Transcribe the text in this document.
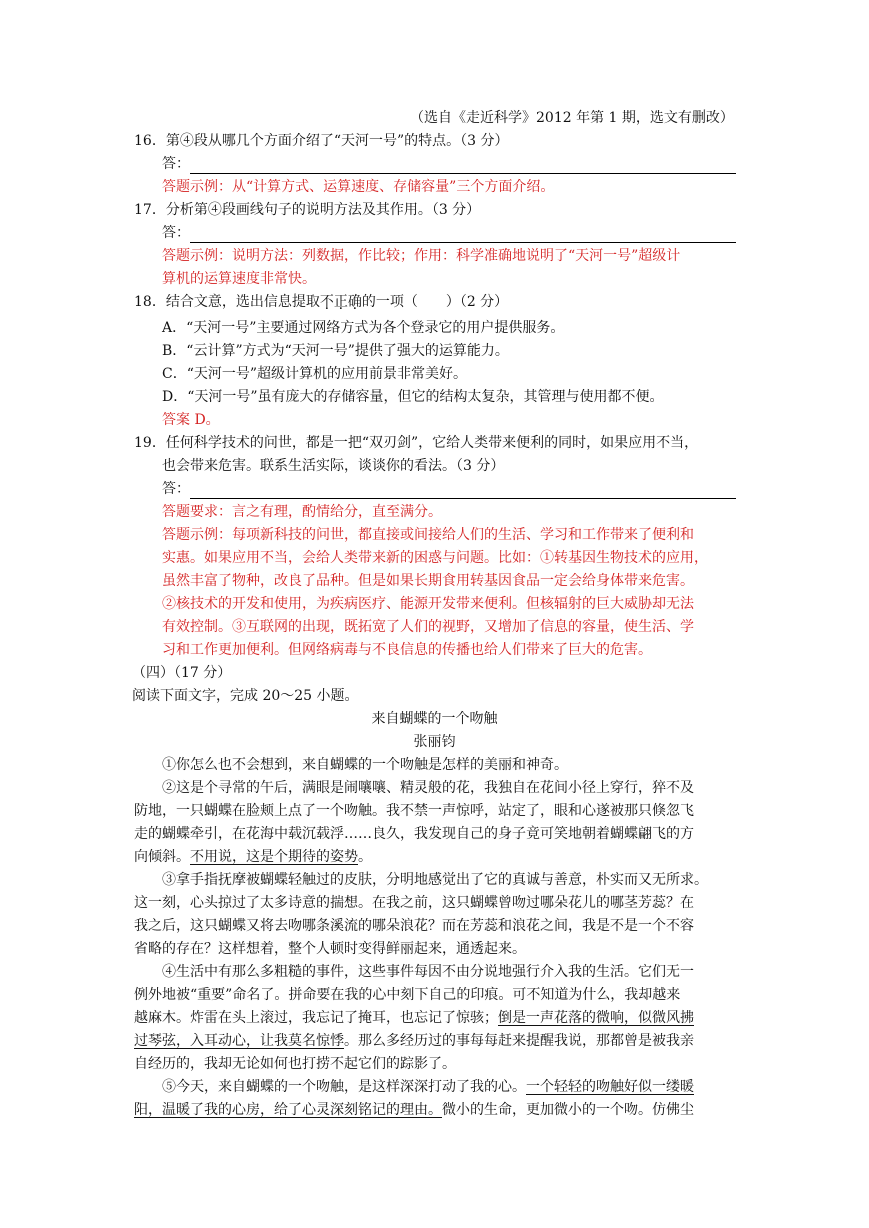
（选自《走近科学》2012 年第 1 期，选文有删改）
16．第④段从哪几个方面介绍了“天河一号”的特点。（3 分）
答：
答题示例：从“计算方式、运算速度、存储容量”三个方面介绍。
17．分析第④段画线句子的说明方法及其作用。（3 分）
答：
答题示例：说明方法：列数据，作比较；作用：科学准确地说明了“天河一号”超级计
算机的运算速度非常快。
18．结合文意，选出信息提取不正确的一项（　　）（2 分）
A．“天河一号”主要通过网络方式为各个登录它的用户提供服务。
B．“云计算”方式为“天河一号”提供了强大的运算能力。
C．“天河一号”超级计算机的应用前景非常美好。
D．“天河一号”虽有庞大的存储容量，但它的结构太复杂，其管理与使用都不便。
答案 D。
19．任何科学技术的问世，都是一把“双刃剑”，它给人类带来便利的同时，如果应用不当，
也会带来危害。联系生活实际，谈谈你的看法。（3 分）
答：
答题要求：言之有理，酌情给分，直至满分。
答题示例：每项新科技的问世，都直接或间接给人们的生活、学习和工作带来了便利和
实惠。如果应用不当，会给人类带来新的困惑与问题。比如：①转基因生物技术的应用，
虽然丰富了物种，改良了品种。但是如果长期食用转基因食品一定会给身体带来危害。
②核技术的开发和使用，为疾病医疗、能源开发带来便利。但核辐射的巨大威胁却无法
有效控制。③互联网的出现，既拓宽了人们的视野，又增加了信息的容量，使生活、学
习和工作更加便利。但网络病毒与不良信息的传播也给人们带来了巨大的危害。
（四）（17 分）
阅读下面文字，完成 20～25 小题。
来自蝴蝶的一个吻触
张丽钧
①你怎么也不会想到，来自蝴蝶的一个吻触是怎样的美丽和神奇。
②这是个寻常的午后，满眼是闹嚷嚷、精灵般的花，我独自在花间小径上穿行，猝不及
防地，一只蝴蝶在脸颊上点了一个吻触。我不禁一声惊呼，站定了，眼和心遂被那只倏忽飞
走的蝴蝶牵引，在花海中载沉载浮……良久，我发现自己的身子竟可笑地朝着蝴蝶翩飞的方
向倾斜。不用说，这是个期待的姿势。
③拿手指抚摩被蝴蝶轻触过的皮肤，分明地感觉出了它的真诚与善意，朴实而又无所求。
这一刻，心头掠过了太多诗意的揣想。在我之前，这只蝴蝶曾吻过哪朵花儿的哪茎芳蕊？在
我之后，这只蝴蝶又将去吻哪条溪流的哪朵浪花？而在芳蕊和浪花之间，我是不是一个不容
省略的存在？这样想着，整个人顿时变得鲜丽起来，通透起来。
④生活中有那么多粗糙的事件，这些事件每因不由分说地强行介入我的生活。它们无一
例外地被“重要”命名了。拼命要在我的心中刻下自己的印痕。可不知道为什么，我却越来
越麻木。炸雷在头上滚过，我忘记了掩耳，也忘记了惊骇；倒是一声花落的微响，似微风拂
过琴弦，入耳动心，让我莫名惊悸。那么多经历过的事每每赶来提醒我说，那都曾是被我亲
自经历的，我却无论如何也打捞不起它们的踪影了。
⑤今天，来自蝴蝶的一个吻触，是这样深深打动了我的心。一个轻轻的吻触好似一缕暖
阳，温暖了我的心房，给了心灵深刻铭记的理由。微小的生命，更加微小的一个吻。仿佛尘
